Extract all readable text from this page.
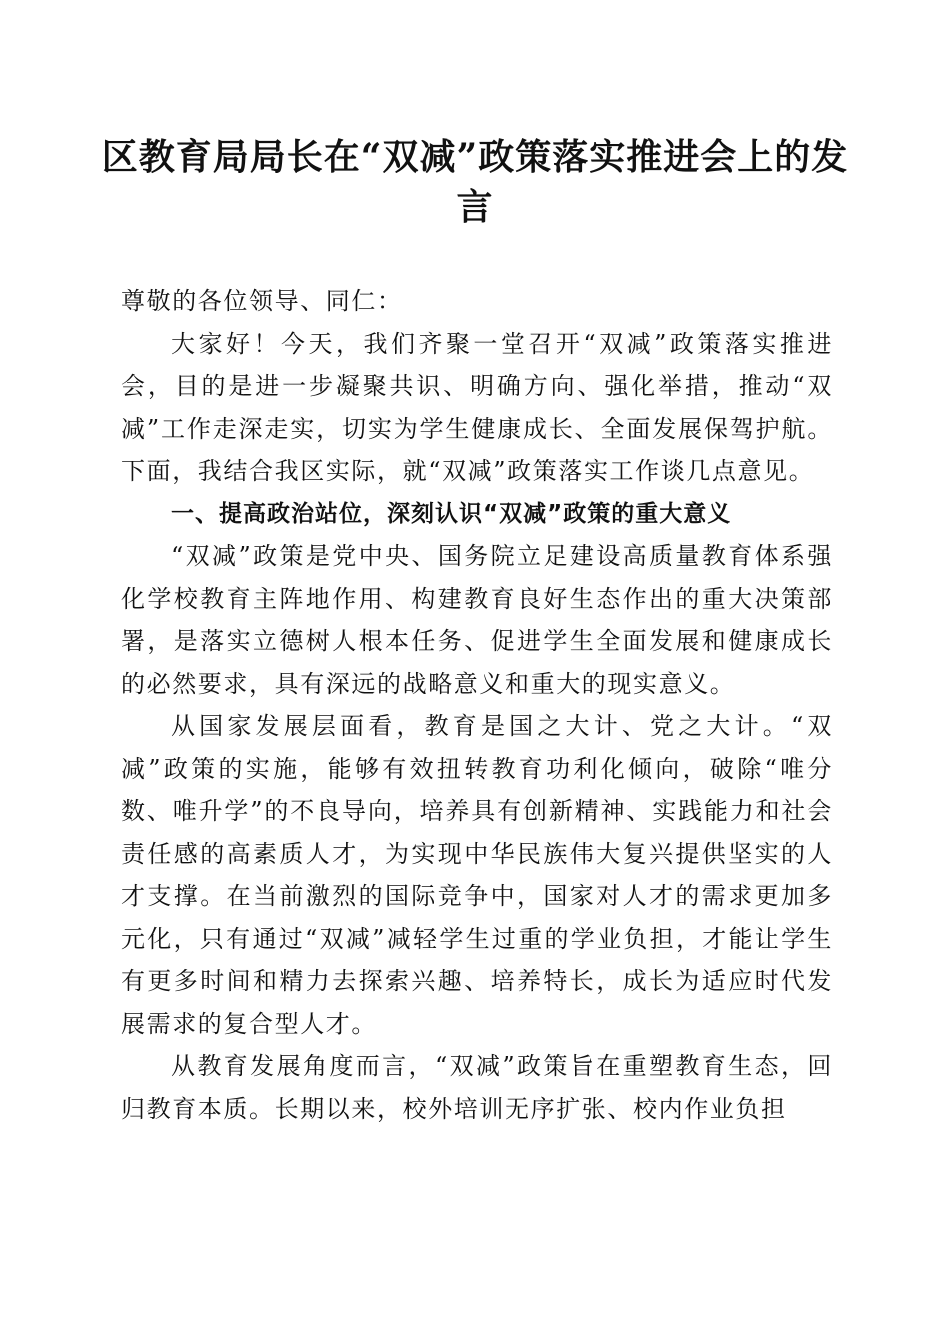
区教育局局长在“双减”政策落实推进会上的发言

尊敬的各位领导、同仁：

大家好！今天，我们齐聚一堂召开“双减”政策落实推进会，目的是进一步凝聚共识、明确方向、强化举措，推动“双减”工作走深走实，切实为学生健康成长、全面发展保驾护航。下面，我结合我区实际，就“双减”政策落实工作谈几点意见。

一、提高政治站位，深刻认识“双减”政策的重大意义

“双减”政策是党中央、国务院立足建设高质量教育体系强化学校教育主阵地作用、构建教育良好生态作出的重大决策部署，是落实立德树人根本任务、促进学生全面发展和健康成长的必然要求，具有深远的战略意义和重大的现实意义。

从国家发展层面看，教育是国之大计、党之大计。“双减”政策的实施，能够有效扭转教育功利化倾向，破除“唯分数、唯升学”的不良导向，培养具有创新精神、实践能力和社会责任感的高素质人才，为实现中华民族伟大复兴提供坚实的人才支撑。在当前激烈的国际竞争中，国家对人才的需求更加多元化，只有通过“双减”减轻学生过重的学业负担，才能让学生有更多时间和精力去探索兴趣、培养特长，成长为适应时代发展需求的复合型人才。

从教育发展角度而言，“双减”政策旨在重塑教育生态，回归教育本质。长期以来，校外培训无序扩张、校内作业负担
